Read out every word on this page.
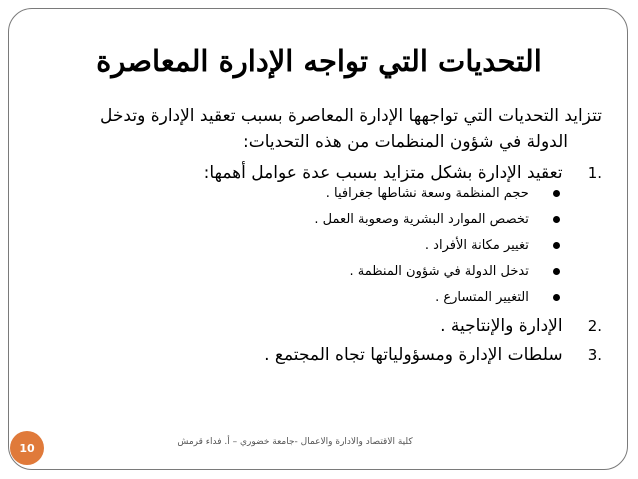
التحديات التي تواجه الإدارة المعاصرة
تتزايد التحديات التي تواجهها الإدارة المعاصرة بسبب تعقيد الإدارة وتدخل
الدولة في شؤون المنظمات من هذه التحديات:
1. تعقيد الإدارة بشكل متزايد بسبب عدة عوامل أهمها:
حجم المنظمة وسعة نشاطها جغرافيا .
تخصص الموارد البشرية وصعوبة العمل .
تغيير مكانة الأفراد .
تدخل الدولة في شؤون المنظمة .
التغيير المتسارع .
2. الإدارة والإنتاجية .
3. سلطات الإدارة ومسؤولياتها تجاه المجتمع .
كلية الاقتصاد والادارة والاعمال -جامعة خضوري – أ. فداء قرمش
10
